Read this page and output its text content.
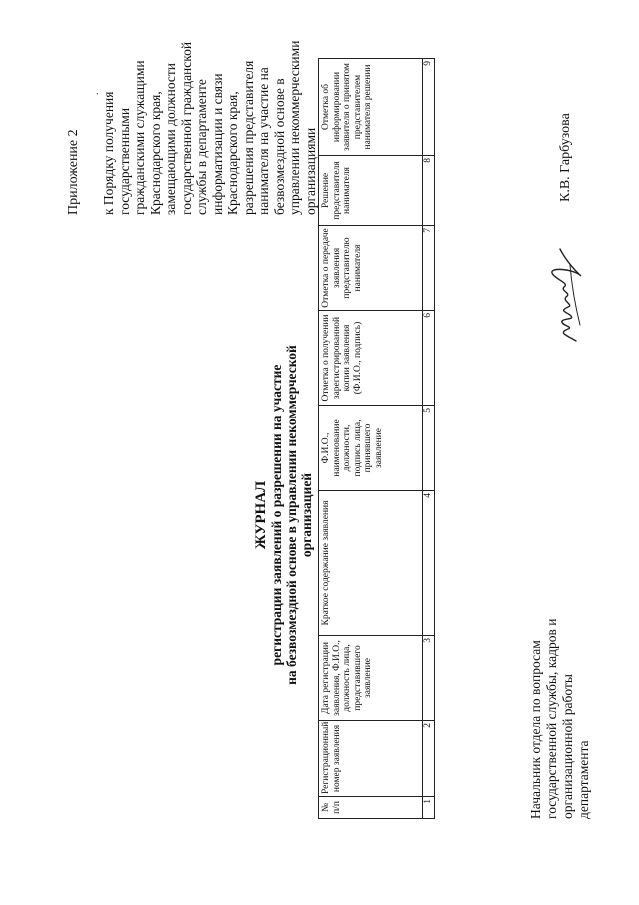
Приложение 2
. к Порядку получения государственными гражданскими служащими Краснодарского края, замещающими должности государственной гражданской службы в департаменте информатизации и связи Краснодарского края, разрешения представителя нанимателя на участие на безвозмездной основе в управлении некоммерческими организациями
ЖУРНАЛ регистрации заявлений о разрешении на участие на безвозмездной основе в управлении некоммерческой организацией
№ п/п	Регистрационный номер заявления	Дата регистрации заявления, Ф.И.О., должность лица, представившего заявление	Краткое содержание заявления	Ф.И.О., наименование должности, подпись лица, принявшего заявление	Отметка о получении зарегистрированной копии заявления (Ф.И.О., подпись)	Отметка о передаче заявления представителю нанимателя	Решение представителя нанимателя	Отметка об информировании заявителя о принятом представителем нанимателя решении
1	2	3	4	5	6	7	8	9
Начальник отдела по вопросам государственной службы, кадров и организационной работы департамента
К.В. Гарбузова
